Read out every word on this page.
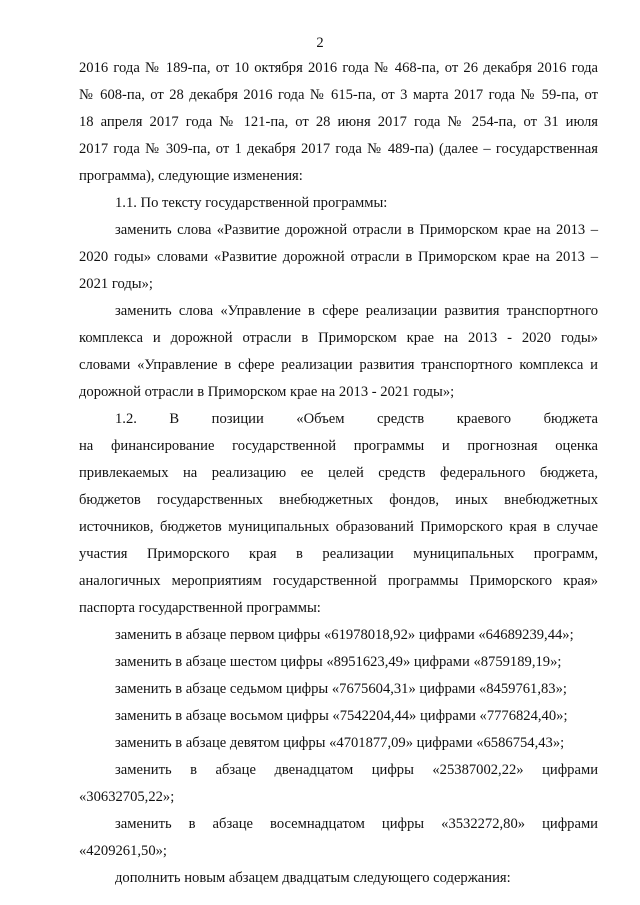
2
2016 года № 189-па, от 10 октября 2016 года № 468-па, от 26 декабря 2016 года
№ 608-па, от 28 декабря 2016 года № 615-па, от 3 марта 2017 года № 59-па, от
18 апреля 2017 года № 121-па, от 28 июня 2017 года № 254-па, от 31 июля
2017 года № 309-па, от 1 декабря 2017 года № 489-па) (далее – государственная
программа), следующие изменения:
1.1. По тексту государственной программы:
заменить слова «Развитие дорожной отрасли в Приморском крае на 2013 –
2020 годы» словами «Развитие дорожной отрасли в Приморском крае на 2013 –
2021 годы»;
заменить слова «Управление в сфере реализации развития транспортного
комплекса и дорожной отрасли в Приморском крае на 2013 - 2020 годы»
словами «Управление в сфере реализации развития транспортного комплекса и
дорожной отрасли в Приморском крае на 2013 - 2021 годы»;
1.2. В позиции «Объем средств краевого бюджета
на финансирование государственной программы и прогнозная оценка
привлекаемых на реализацию ее целей средств федерального бюджета,
бюджетов государственных внебюджетных фондов, иных внебюджетных
источников, бюджетов муниципальных образований Приморского края в случае
участия Приморского края в реализации муниципальных программ,
аналогичных мероприятиям государственной программы Приморского края»
паспорта государственной программы:
заменить в абзаце первом цифры «61978018,92» цифрами «64689239,44»;
заменить в абзаце шестом цифры «8951623,49» цифрами «8759189,19»;
заменить в абзаце седьмом цифры «7675604,31» цифрами «8459761,83»;
заменить в абзаце восьмом цифры «7542204,44» цифрами «7776824,40»;
заменить в абзаце девятом цифры «4701877,09» цифрами «6586754,43»;
заменить в абзаце двенадцатом цифры «25387002,22» цифрами
«30632705,22»;
заменить в абзаце восемнадцатом цифры «3532272,80» цифрами
«4209261,50»;
дополнить новым абзацем двадцатым следующего содержания:
